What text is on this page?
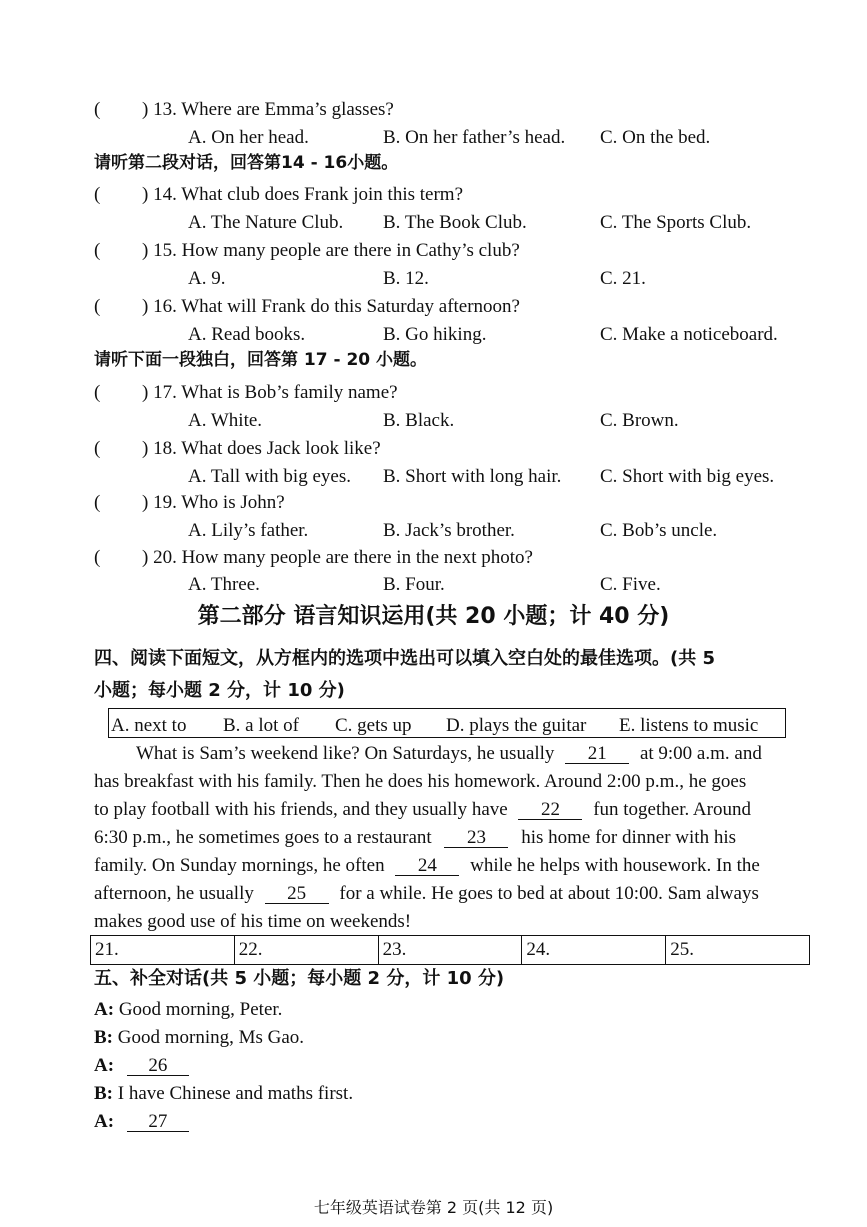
( ) 13. Where are Emma’s glasses?
A. On her head.	B. On her father’s head. C. On the bed.
请听第二段对话，回答第14 - 16小题。
( ) 14. What club does Frank join this term?
A. The Nature Club. B. The Book Club.	C. The Sports Club.
( ) 15. How many people are there in Cathy’s club?
A. 9.	B. 12.	C. 21.
( ) 16. What will Frank do this Saturday afternoon?
A. Read books.	B. Go hiking.	C. Make a noticeboard.
请听下面一段独白，回答第 17 - 20 小题。
( ) 17. What is Bob’s family name?
A. White.	B. Black.	C. Brown.
( ) 18. What does Jack look like?
A. Tall with big eyes. B. Short with long hair. C. Short with big eyes.
( ) 19. Who is John?
A. Lily’s father.	B. Jack’s brother.	C. Bob’s uncle.
( ) 20. How many people are there in the next photo?
A. Three.	B. Four.	C. Five.
第二部分 语言知识运用(共 20 小题；计 40 分)
四、阅读下面短文，从方框内的选项中选出可以填入空白处的最佳选项。(共 5
小题；每小题 2 分，计 10 分)
A. next to B. a lot of C. gets up D. plays the guitar E. listens to music
What is Sam’s weekend like? On Saturdays, he usually 21 at 9:00 a.m. and
has breakfast with his family. Then he does his homework. Around 2:00 p.m., he goes
to play football with his friends, and they usually have 22 fun together. Around
6:30 p.m., he sometimes goes to a restaurant 23 his home for dinner with his
family. On Sunday mornings, he often 24 while he helps with housework. In the
afternoon, he usually 25 for a while. He goes to bed at about 10:00. Sam always
makes good use of his time on weekends!
21.	22.	23.	24.	25.
五、补全对话(共 5 小题；每小题 2 分，计 10 分)
A: Good morning, Peter.
B: Good morning, Ms Gao.
A: 26
B: I have Chinese and maths first.
A: 27
七年级英语试卷第 2 页(共 12 页)
